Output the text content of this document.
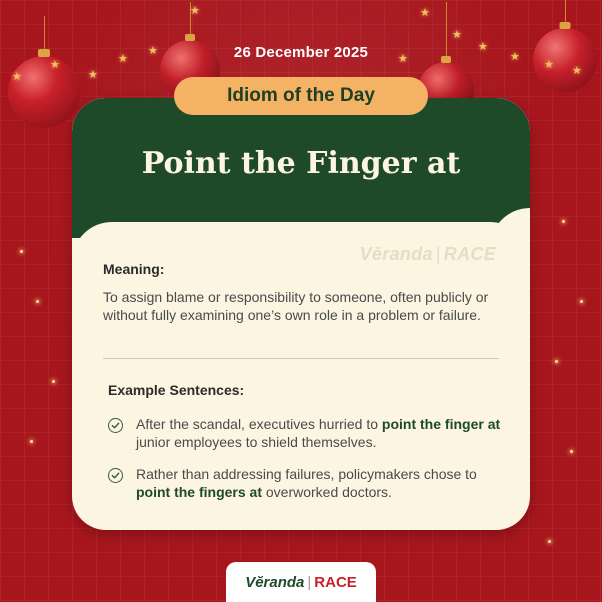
★
★
★
★
★
★	★
★
★
★
★ ★
★
26 December 2025
Point the Finger at
Vĕranda | RACE
Meaning:
To assign blame or responsibility to someone, often publicly or without fully examining one’s own role in a problem or failure.
Example Sentences:
After the scandal, executives hurried to point the finger at junior employees to shield themselves.
Rather than addressing failures, policymakers chose to point the fingers at overworked doctors.
Idiom of the Day
Vĕranda | RACE
